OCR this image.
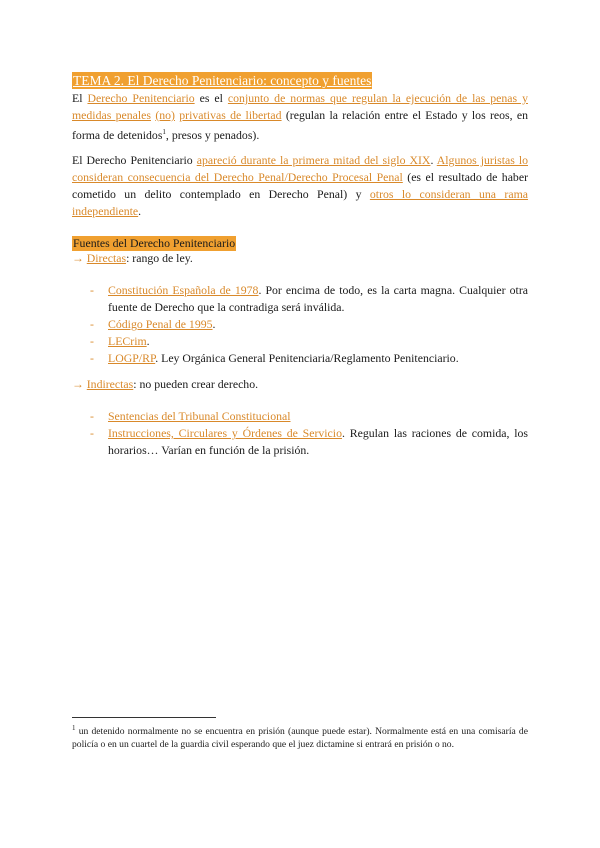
TEMA 2. El Derecho Penitenciario: concepto y fuentes

El Derecho Penitenciario es el conjunto de normas que regulan la ejecución de las penas y medidas penales (no) privativas de libertad (regulan la relación entre el Estado y los reos, en forma de detenidos$^1$, presos y penados).

El Derecho Penitenciario apareció durante la primera mitad del siglo XIX. Algunos juristas lo consideran consecuencia del Derecho Penal/Derecho Procesal Penal (es el resultado de haber cometido un delito contemplado en Derecho Penal) y otros lo consideran una rama independiente.

Fuentes del Derecho Penitenciario
→ Directas: rango de ley.
- Constitución Española de 1978. Por encima de todo, es la carta magna. Cualquier otra fuente de Derecho que la contradiga será inválida.
- Código Penal de 1995.
- LECrim.
- LOGP/RP. Ley Orgánica General Penitenciaria/Reglamento Penitenciario.
→ Indirectas: no pueden crear derecho.
- Sentencias del Tribunal Constitucional
- Instrucciones, Circulares y Órdenes de Servicio. Regulan las raciones de comida, los horarios… Varían en función de la prisión.
$^1$ un detenido normalmente no se encuentra en prisión (aunque puede estar). Normalmente está en una comisaría de policía o en un cuartel de la guardia civil esperando que el juez dictamine si entrará en prisión o no.
